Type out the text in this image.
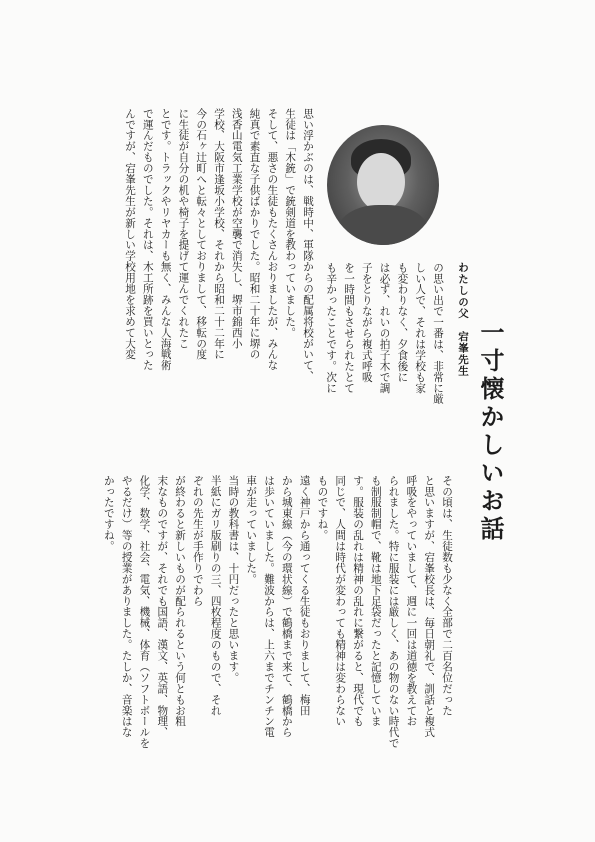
一寸懐かしいお話

わたしの父　宕峯先生

の思い出で一番は、非常に厳
しい人で、それは学校も家
も変わりなく、夕食後に
は必ず、れいの拍子木で調
子をとりながら複式呼吸
を一時間もさせられたとて
も辛かったことです。次に
思い浮かぶのは、戦時中、軍隊からの配属将校がいて、
生徒は「木銃」で銃剣道を教わっていました。
そして、悪さの生徒もたくさんおりましたが、みんな
純真で素直な子供ばかりでした。昭和二十年に堺の
浅香山電気工業学校が空襲で消失し、堺市錦西小
学校、大阪市逢坂小学校、それから昭和二十二年に
今の石ヶ辻町へと転々としておりまして、移転の度
に生徒が自分の机や椅子を提げて運んでくれたこ
とです。トラックやリヤカーも無く、みんな人海戦術
で運んだものでした。それは、木工所跡を買いとった
んですが、宕峯先生が新しい学校用地を求めて大変
その頃は、生徒数も少なく全部で二百名位だった
と思いますが、宕峯校長は、毎日朝礼で、訓話と複式
呼吸をやっていまして、週に一回は道徳を教えてお
られました。特に服装には厳しく、あの物のない時代で
も制服制帽で、靴は地下足袋だったと記憶していま
す。服装の乱れは精神の乱れに繋がると、現代でも
同じで、人間は時代が変わっても精神は変わらない
ものですね。
遠く神戸から通ってくる生徒もおりまして、梅田
から城東線（今の環状線）で鶴橋まで来て、鶴橋から
は歩いていました。難波からは、上六までチンチン電
車が走っていました。
当時の教科書は、十円だったと思います。
半紙にガリ版刷りの三、四枚程度のもので、それ
ぞれの先生が手作りでわら
が終わると新しいものが配られるという何ともお粗
末なものですが、それでも国語、漢文、英語、物理、
化学、数学、社会、電気、機械、体育（ソフトボールを
やるだけ）等の授業がありました。たしか、音楽はな
かったですね。
